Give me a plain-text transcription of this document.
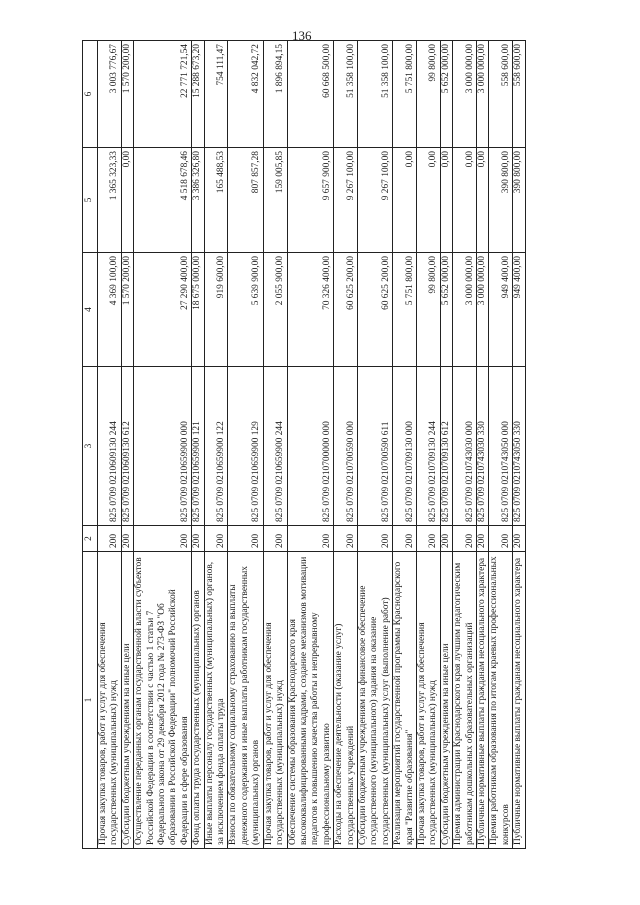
136
1	2	3	4	5	6
Прочая закупка товаров, работ и услуг для обеспечения государственных (муниципальных) нужд	200	825 0709 0210609130 244	4 369 100,00	1 365 323,33	3 003 776,67
Субсидии бюджетным учреждениям на иные цели	200	825 0709 0210609130 612	1 570 200,00	0,00	1 570 200,00
Осуществление переданных органам государственной власти субъектов Российской Федерации в соответствии с частью 1 статьи 7 Федерального закона от 29 декабря 2012 года № 273-ФЗ "Об образовании в Российской Федерации" полномочий Российской Федерации в сфере образования	200	825 0709 0210659900 000	27 290 400,00	4 518 678,46	22 771 721,54
Фонд оплаты труда государственных (муниципальных) органов	200	825 0709 0210659900 121	18 675 000,00	3 386 326,80	15 288 673,20
Иные выплаты персоналу государственных (муниципальных) органов, за исключением фонда оплаты труда	200	825 0709 0210659900 122	919 600,00	165 488,53	754 111,47
Взносы по обязательному социальному страхованию на выплаты денежного содержания и иные выплаты работникам государственных (муниципальных) органов	200	825 0709 0210659900 129	5 639 900,00	807 857,28	4 832 042,72
Прочая закупка товаров, работ и услуг для обеспечения государственных (муниципальных) нужд	200	825 0709 0210659900 244	2 055 900,00	159 005,85	1 896 894,15
Обеспечение системы образования Краснодарского края высококвалифицированными кадрами, создание механизмов мотивации педагогов к повышению качества работы и непрерывному профессиональному развитию	200	825 0709 0210700000 000	70 326 400,00	9 657 900,00	60 668 500,00
Расходы на обеспечение деятельности (оказание услуг) государственных учреждений	200	825 0709 0210700590 000	60 625 200,00	9 267 100,00	51 358 100,00
Субсидии бюджетным учреждениям на финансовое обеспечение государственного (муниципального) задания на оказание государственных (муниципальных) услуг (выполнение работ)	200	825 0709 0210700590 611	60 625 200,00	9 267 100,00	51 358 100,00
Реализация мероприятий государственной программы Краснодарского края "Развитие образования"	200	825 0709 0210709130 000	5 751 800,00	0,00	5 751 800,00
Прочая закупка товаров, работ и услуг для обеспечения государственных (муниципальных) нужд	200	825 0709 0210709130 244	99 800,00	0,00	99 800,00
Субсидии бюджетным учреждениям на иные цели	200	825 0709 0210709130 612	5 652 000,00	0,00	5 652 000,00
Премия администрации Краснодарского края лучшим педагогическим работникам дошкольных образовательных организаций	200	825 0709 0210743030 000	3 000 000,00	0,00	3 000 000,00
Публичные нормативные выплаты гражданам несоциального характера	200	825 0709 0210743030 330	3 000 000,00	0,00	3 000 000,00
Премия работникам образования по итогам краевых профессиональных конкурсов	200	825 0709 0210743050 000	949 400,00	390 800,00	558 600,00
Публичные нормативные выплаты гражданам несоциального характера	200	825 0709 0210743050 330	949 400,00	390 800,00	558 600,00
